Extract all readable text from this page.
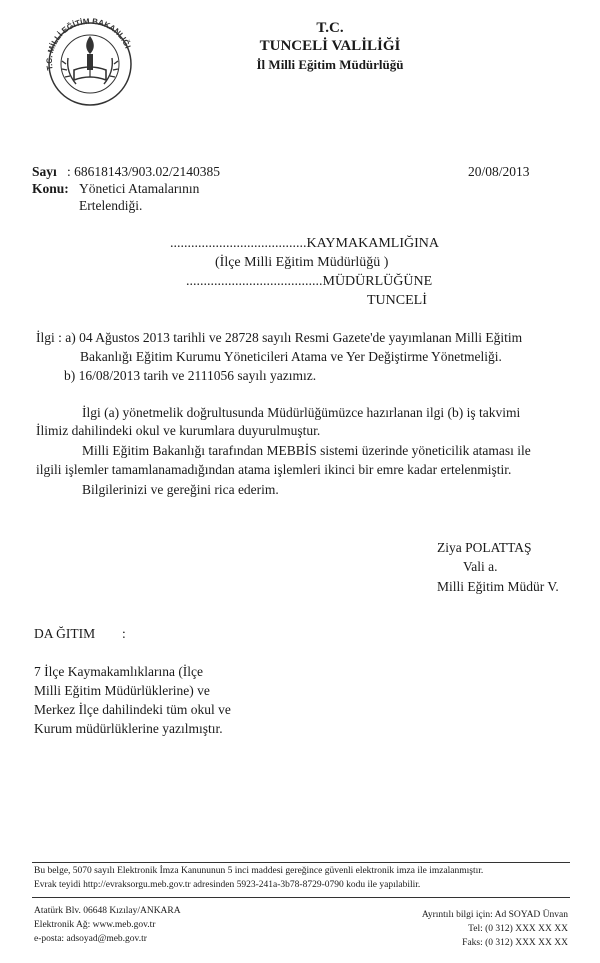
T.C. MİLLİ EĞİTİM BAKANLIĞI
T.C.
TUNCELİ VALİLİĞİ
İl Milli Eğitim Müdürlüğü
Sayı : 68618143/903.02/2140385
Konu: Yönetici Atamalarının
Ertelendiği.
20/08/2013
.......................................KAYMAKAMLIĞINA
(İlçe Milli Eğitim Müdürlüğü )
.......................................MÜDÜRLÜĞÜNE
TUNCELİ
İlgi : a) 04 Ağustos 2013 tarihli ve 28728 sayılı Resmi Gazete'de yayımlanan Milli Eğitim
Bakanlığı Eğitim Kurumu Yöneticileri Atama ve Yer Değiştirme Yönetmeliği.
b) 16/08/2013 tarih ve 2111056 sayılı yazımız.
İlgi (a) yönetmelik doğrultusunda Müdürlüğümüzce hazırlanan ilgi (b) iş takvimi
İlimiz dahilindeki okul ve kurumlara duyurulmuştur.
Milli Eğitim Bakanlığı tarafından MEBBİS sistemi üzerinde yöneticilik ataması ile
ilgili işlemler tamamlanamadığından atama işlemleri ikinci bir emre kadar ertelenmiştir.
Bilgilerinizi ve gereğini rica ederim.
Ziya POLATTAŞ
Vali a.
Milli Eğitim Müdür V.
DA ĞITIM :
7 İlçe Kaymakamlıklarına (İlçe
Milli Eğitim Müdürlüklerine) ve
Merkez İlçe dahilindeki tüm okul ve
Kurum müdürlüklerine yazılmıştır.
Bu belge, 5070 sayılı Elektronik İmza Kanununun 5 inci maddesi gereğince güvenli elektronik imza ile imzalanmıştır.
Evrak teyidi http://evraksorgu.meb.gov.tr adresinden 5923-241a-3b78-8729-0790 kodu ile yapılabilir.
Atatürk Blv. 06648 Kızılay/ANKARA
Elektronik Ağ: www.meb.gov.tr
e-posta: adsoyad@meb.gov.tr
Ayrıntılı bilgi için: Ad SOYAD Ünvan
Tel: (0 312) XXX XX XX
Faks: (0 312) XXX XX XX
